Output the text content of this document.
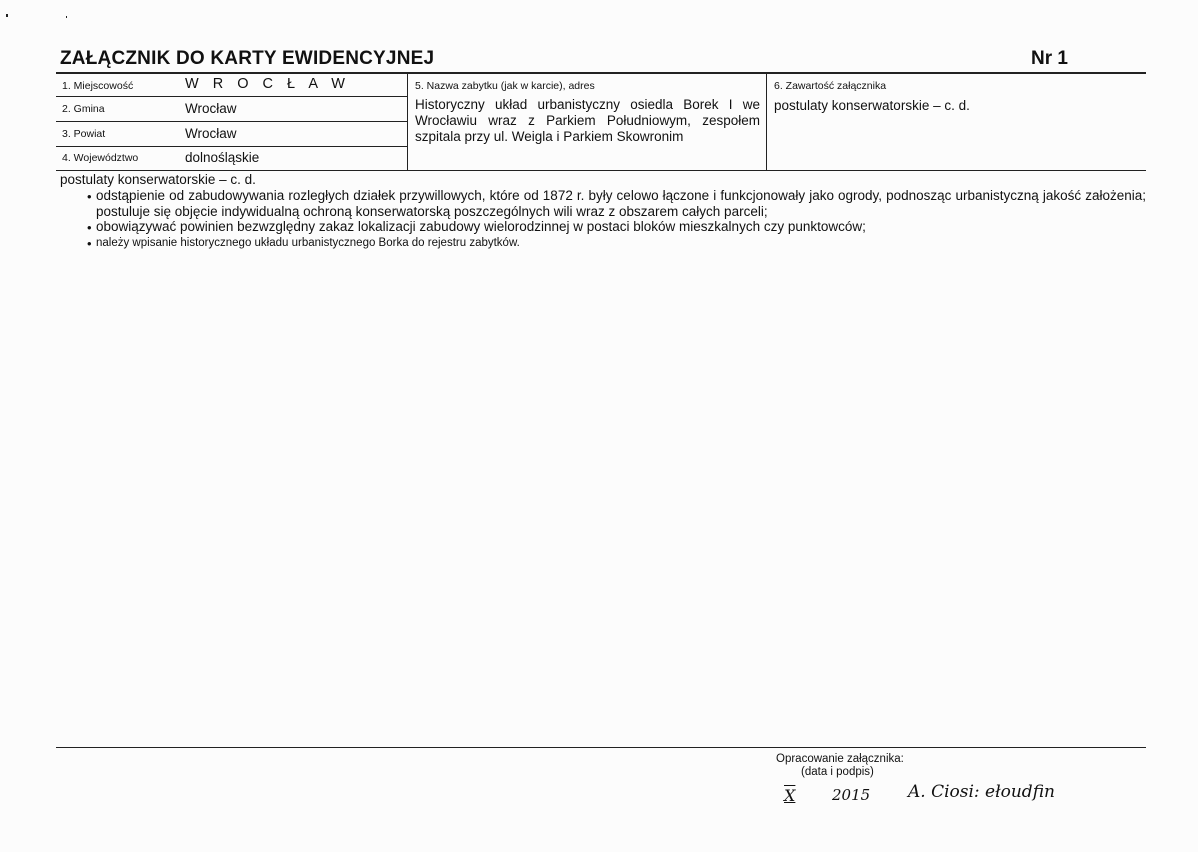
ZAŁĄCZNIK DO KARTY EWIDENCYJNEJ	Nr 1
1. Miejscowość	W R O C Ł A W
2. Gmina	Wrocław
3. Powiat	Wrocław
4. Województwo	dolnośląskie
5. Nazwa zabytku (jak w karcie), adres
Historyczny układ urbanistyczny osiedla Borek I we Wrocławiu wraz z Parkiem Południowym, zespołem szpitala przy ul. Weigla i Parkiem Skowronim
6. Zawartość załącznika
postulaty konserwatorskie – c. d.
postulaty konserwatorskie – c. d.
• odstąpienie od zabudowywania rozległych działek przywillowych, które od 1872 r. były celowo łączone i funkcjonowały jako ogrody, podnosząc urbanistyczną jakość założenia; postuluje się objęcie indywidualną ochroną konserwatorską poszczególnych wili wraz z obszarem całych parceli;
• obowiązywać powinien bezwzględny zakaz lokalizacji zabudowy wielorodzinnej w postaci bloków mieszkalnych czy punktowców;
• należy wpisanie historycznego układu urbanistycznego Borka do rejestru zabytków.
Opracowanie załącznika:
(data i podpis)
X 2015 A. Ciosi: ełoudfin
